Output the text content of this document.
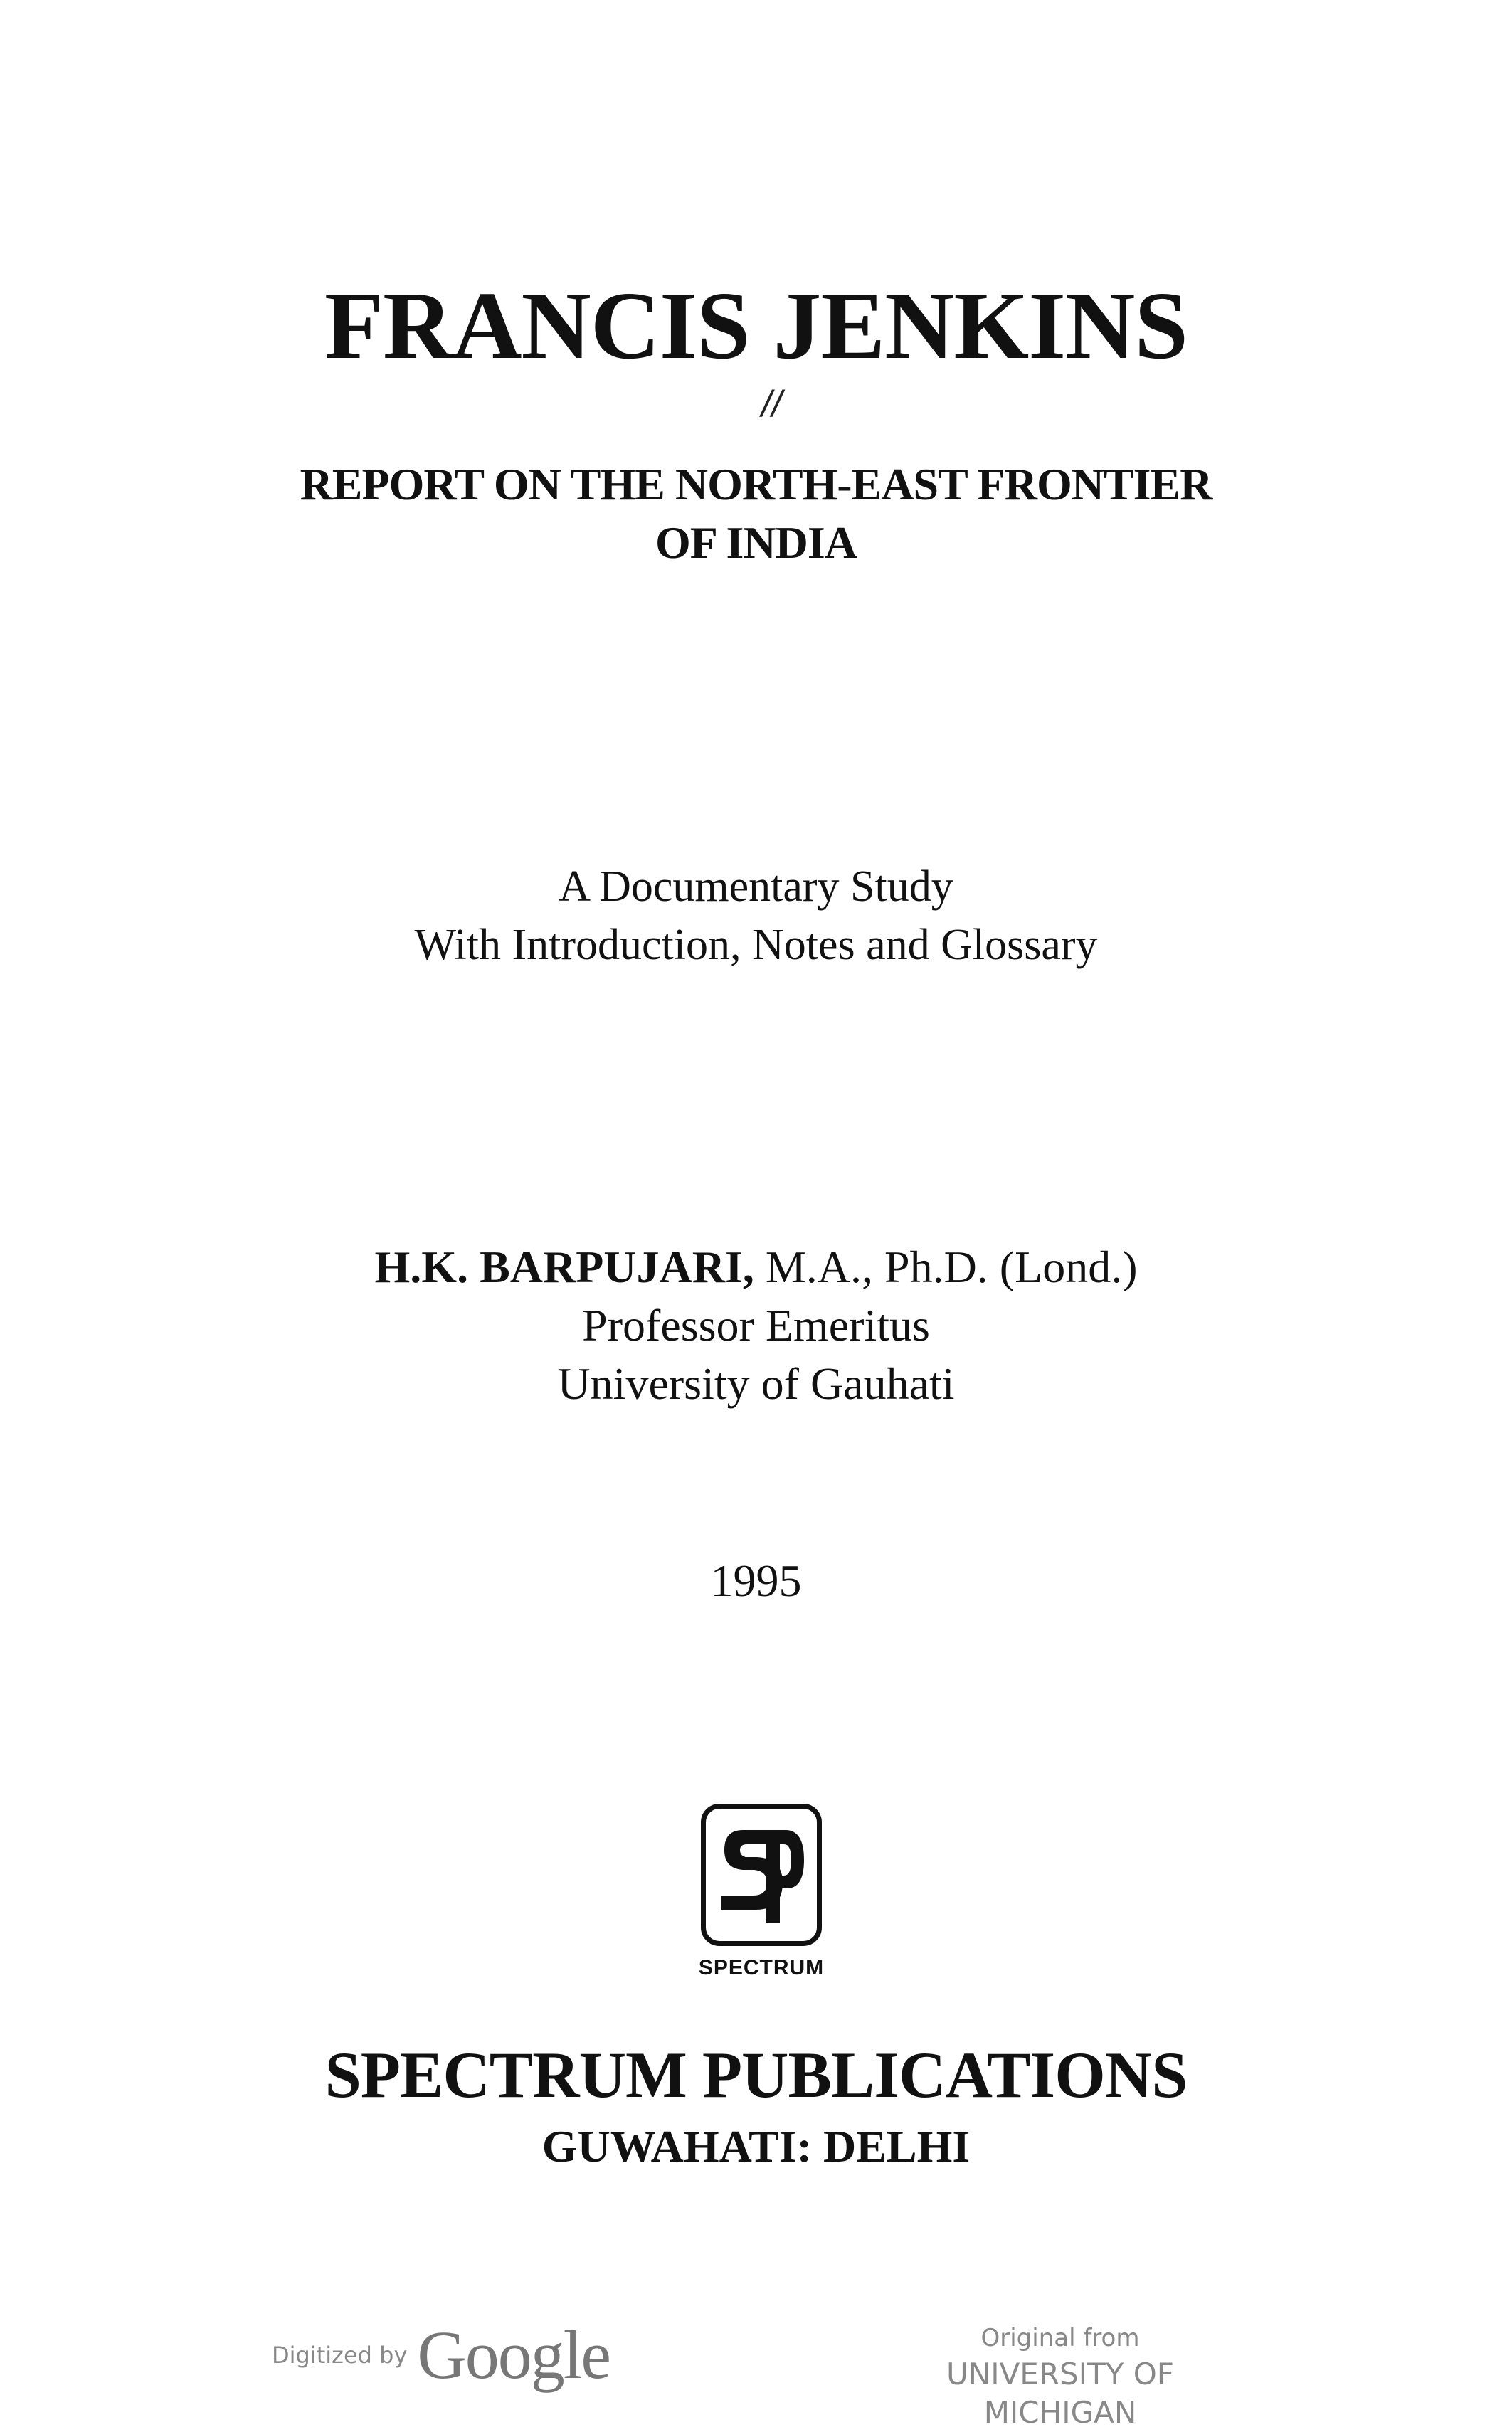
FRANCIS JENKINS
//
REPORT ON THE NORTH-EAST FRONTIER
OF INDIA
A Documentary Study
With Introduction, Notes and Glossary
H.K. BARPUJARI, M.A., Ph.D. (Lond.)
Professor Emeritus
University of Gauhati
1995
SPECTRUM
SPECTRUM PUBLICATIONS
GUWAHATI: DELHI
Digitized by Google	Original from
UNIVERSITY OF MICHIGAN
